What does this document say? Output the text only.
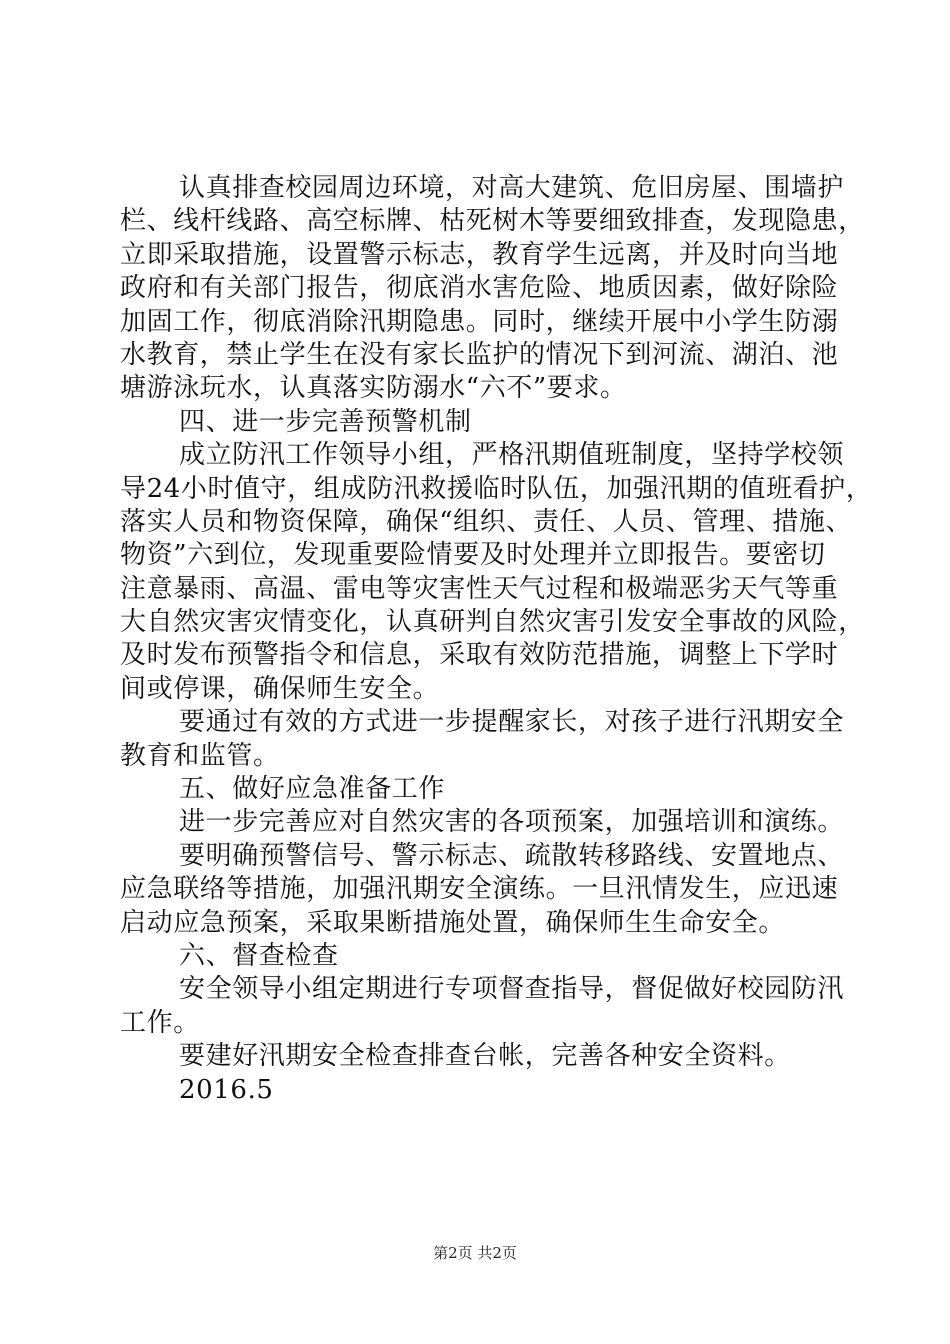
认真排查校园周边环境，对高大建筑、危旧房屋、围墙护
栏、线杆线路、高空标牌、枯死树木等要细致排查，发现隐患，
立即采取措施，设置警示标志，教育学生远离，并及时向当地
政府和有关部门报告，彻底消水害危险、地质因素，做好除险
加固工作，彻底消除汛期隐患。同时，继续开展中小学生防溺
水教育，禁止学生在没有家长监护的情况下到河流、湖泊、池
塘游泳玩水，认真落实防溺水“六不”要求。
四、进一步完善预警机制
成立防汛工作领导小组，严格汛期值班制度，坚持学校领
导24小时值守，组成防汛救援临时队伍，加强汛期的值班看护，
落实人员和物资保障，确保“组织、责任、人员、管理、措施、
物资”六到位，发现重要险情要及时处理并立即报告。要密切
注意暴雨、高温、雷电等灾害性天气过程和极端恶劣天气等重
大自然灾害灾情变化，认真研判自然灾害引发安全事故的风险，
及时发布预警指令和信息，采取有效防范措施，调整上下学时
间或停课，确保师生安全。
要通过有效的方式进一步提醒家长，对孩子进行汛期安全
教育和监管。
五、做好应急准备工作
进一步完善应对自然灾害的各项预案，加强培训和演练。
要明确预警信号、警示标志、疏散转移路线、安置地点、
应急联络等措施，加强汛期安全演练。一旦汛情发生，应迅速
启动应急预案，采取果断措施处置，确保师生生命安全。
六、督查检查
安全领导小组定期进行专项督查指导，督促做好校园防汛
工作。
要建好汛期安全检查排查台帐，完善各种安全资料。
2016.5
第2页 共2页
